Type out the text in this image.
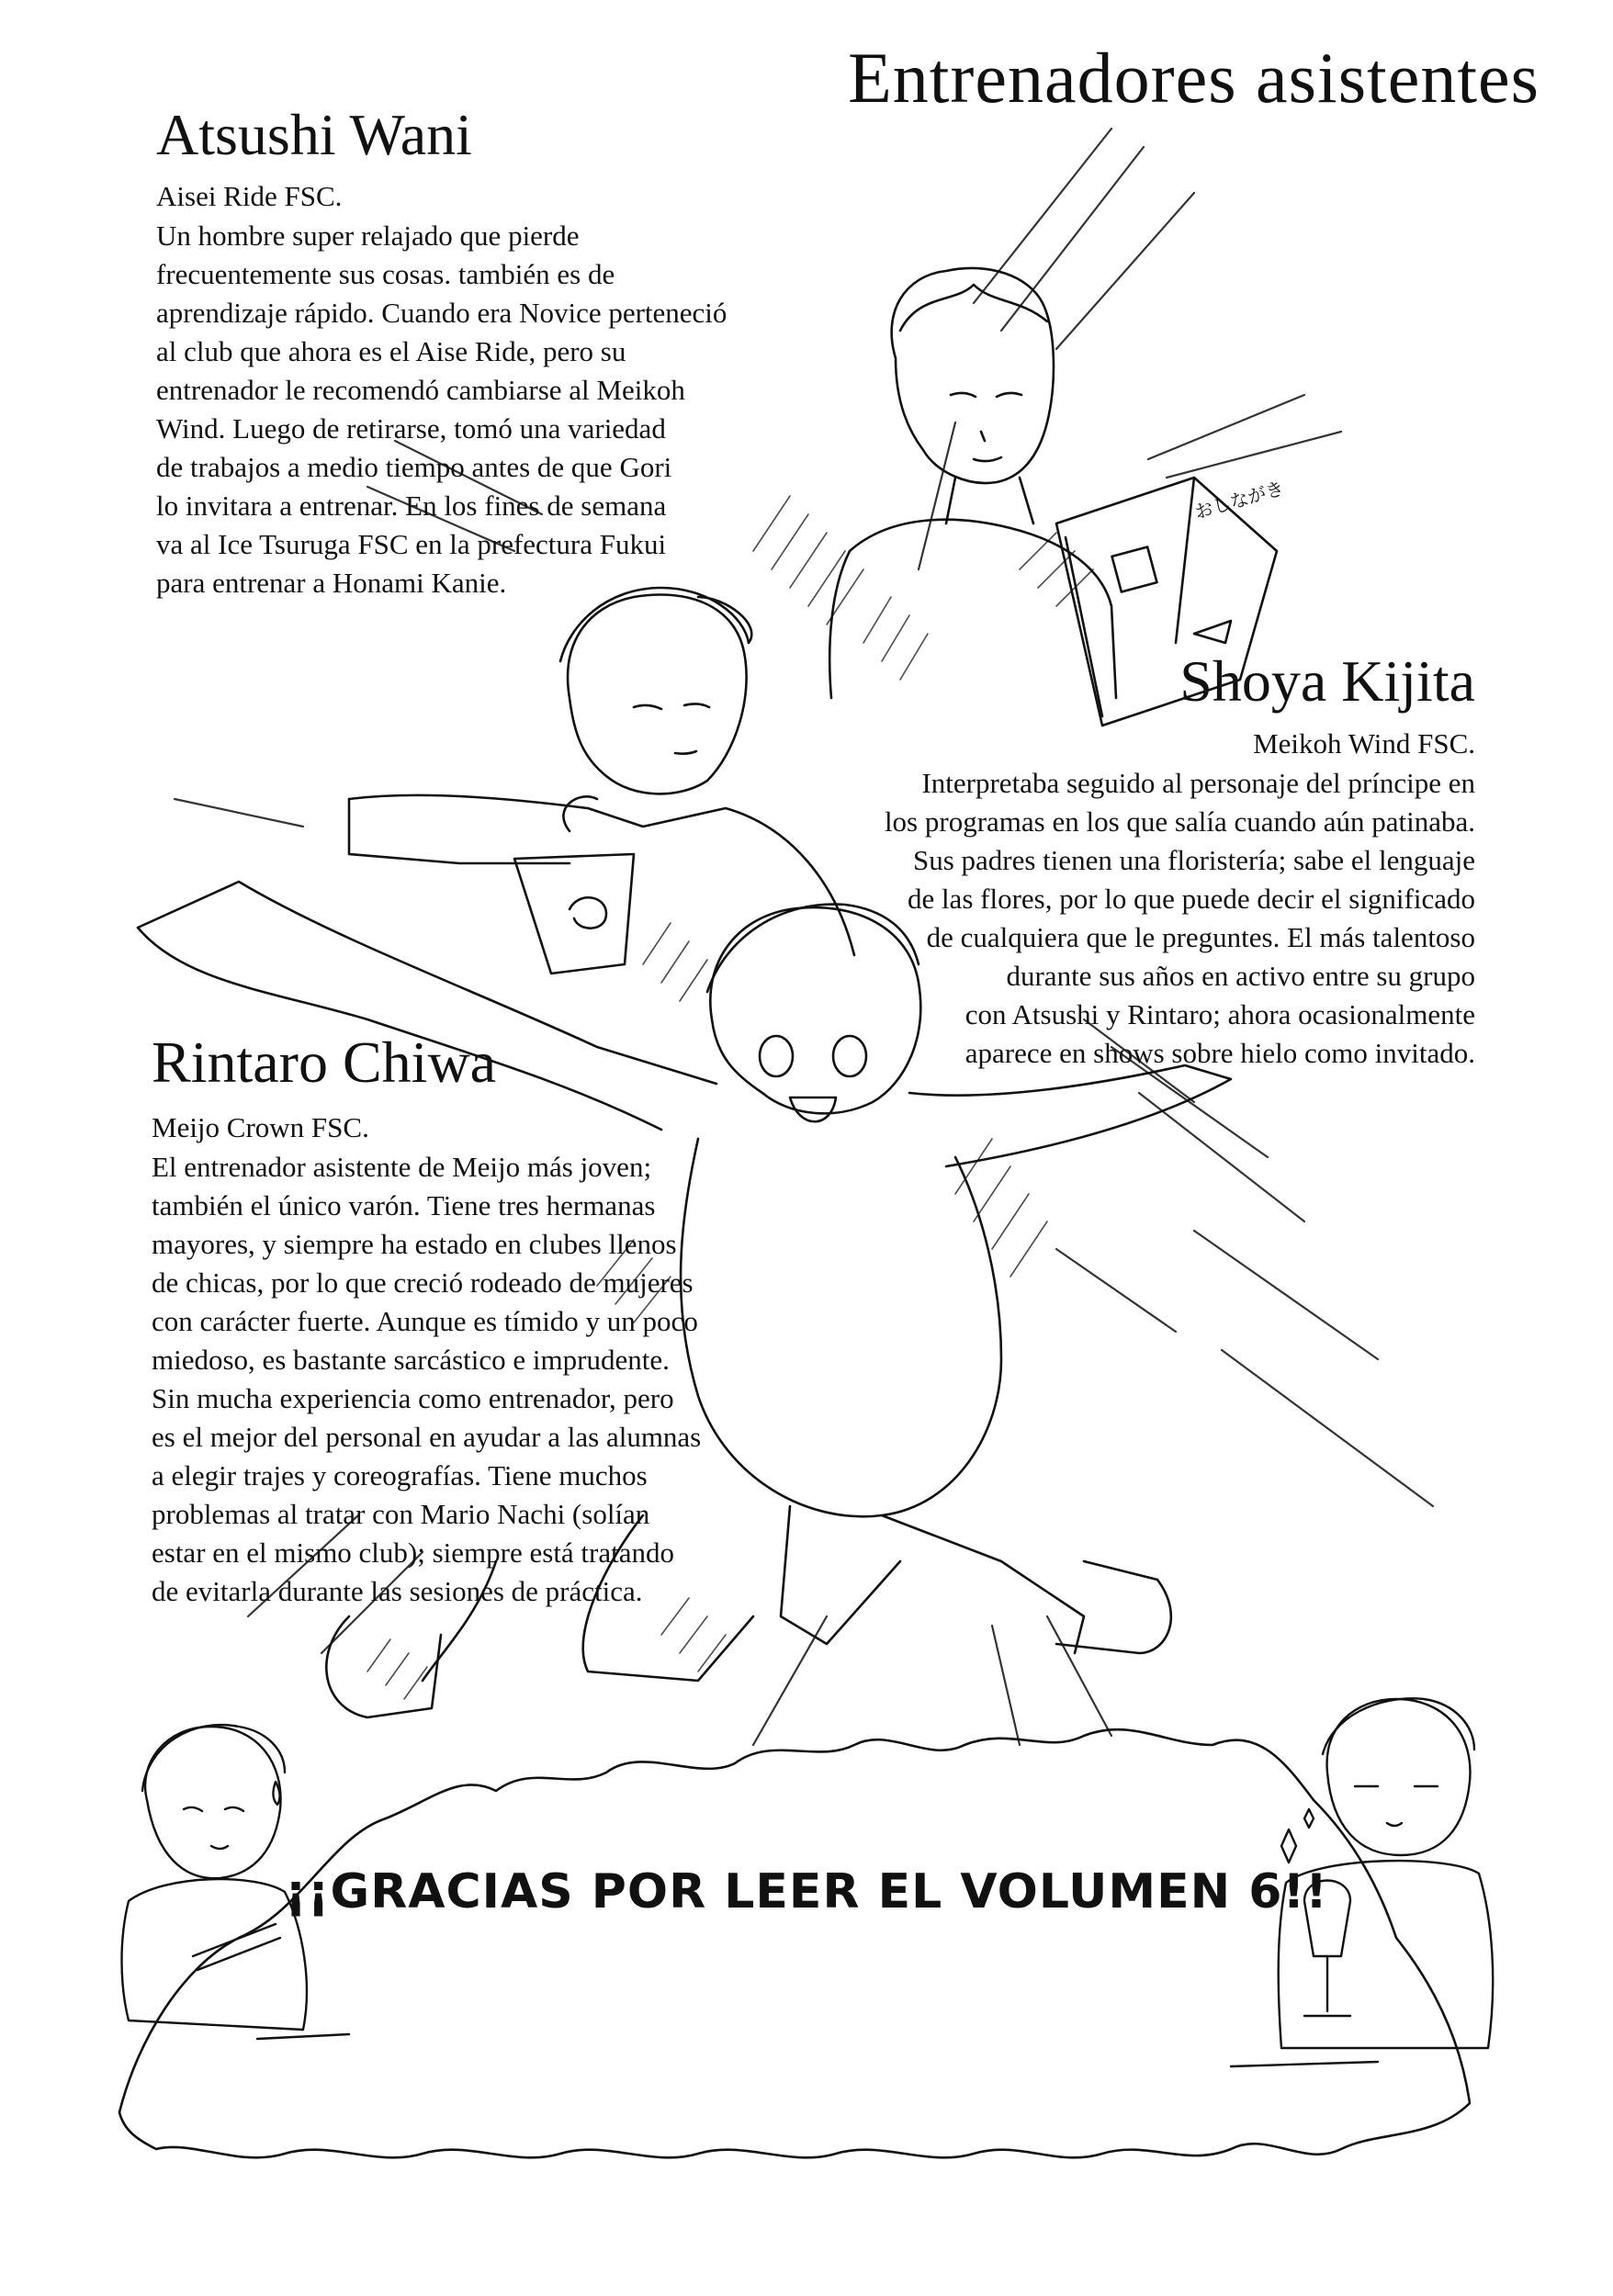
おしながき
Entrenadores asistentes
Atsushi Wani
Aisei Ride FSC.
Un hombre super relajado que pierde
frecuentemente sus cosas. también es de
aprendizaje rápido. Cuando era Novice perteneció
al club que ahora es el Aise Ride, pero su
entrenador le recomendó cambiarse al Meikoh
Wind. Luego de retirarse, tomó una variedad
de trabajos a medio tiempo antes de que Gori
lo invitara a entrenar. En los fines de semana
va al Ice Tsuruga FSC en la prefectura Fukui
para entrenar a Honami Kanie.
Shoya Kijita
Meikoh Wind FSC.
Interpretaba seguido al personaje del príncipe en
los programas en los que salía cuando aún patinaba.
Sus padres tienen una floristería; sabe el lenguaje
de las flores, por lo que puede decir el significado
de cualquiera que le preguntes. El más talentoso
durante sus años en activo entre su grupo
con Atsushi y Rintaro; ahora ocasionalmente
aparece en shows sobre hielo como invitado.
Rintaro Chiwa
Meijo Crown FSC.
El entrenador asistente de Meijo más joven;
también el único varón. Tiene tres hermanas
mayores, y siempre ha estado en clubes llenos
de chicas, por lo que creció rodeado de mujeres
con carácter fuerte. Aunque es tímido y un poco
miedoso, es bastante sarcástico e imprudente.
Sin mucha experiencia como entrenador, pero
es el mejor del personal en ayudar a las alumnas
a elegir trajes y coreografías. Tiene muchos
problemas al tratar con Mario Nachi (solían
estar en el mismo club); siempre está tratando
de evitarla durante las sesiones de práctica.
¡¡GRACIAS POR LEER EL VOLUMEN 6!!
